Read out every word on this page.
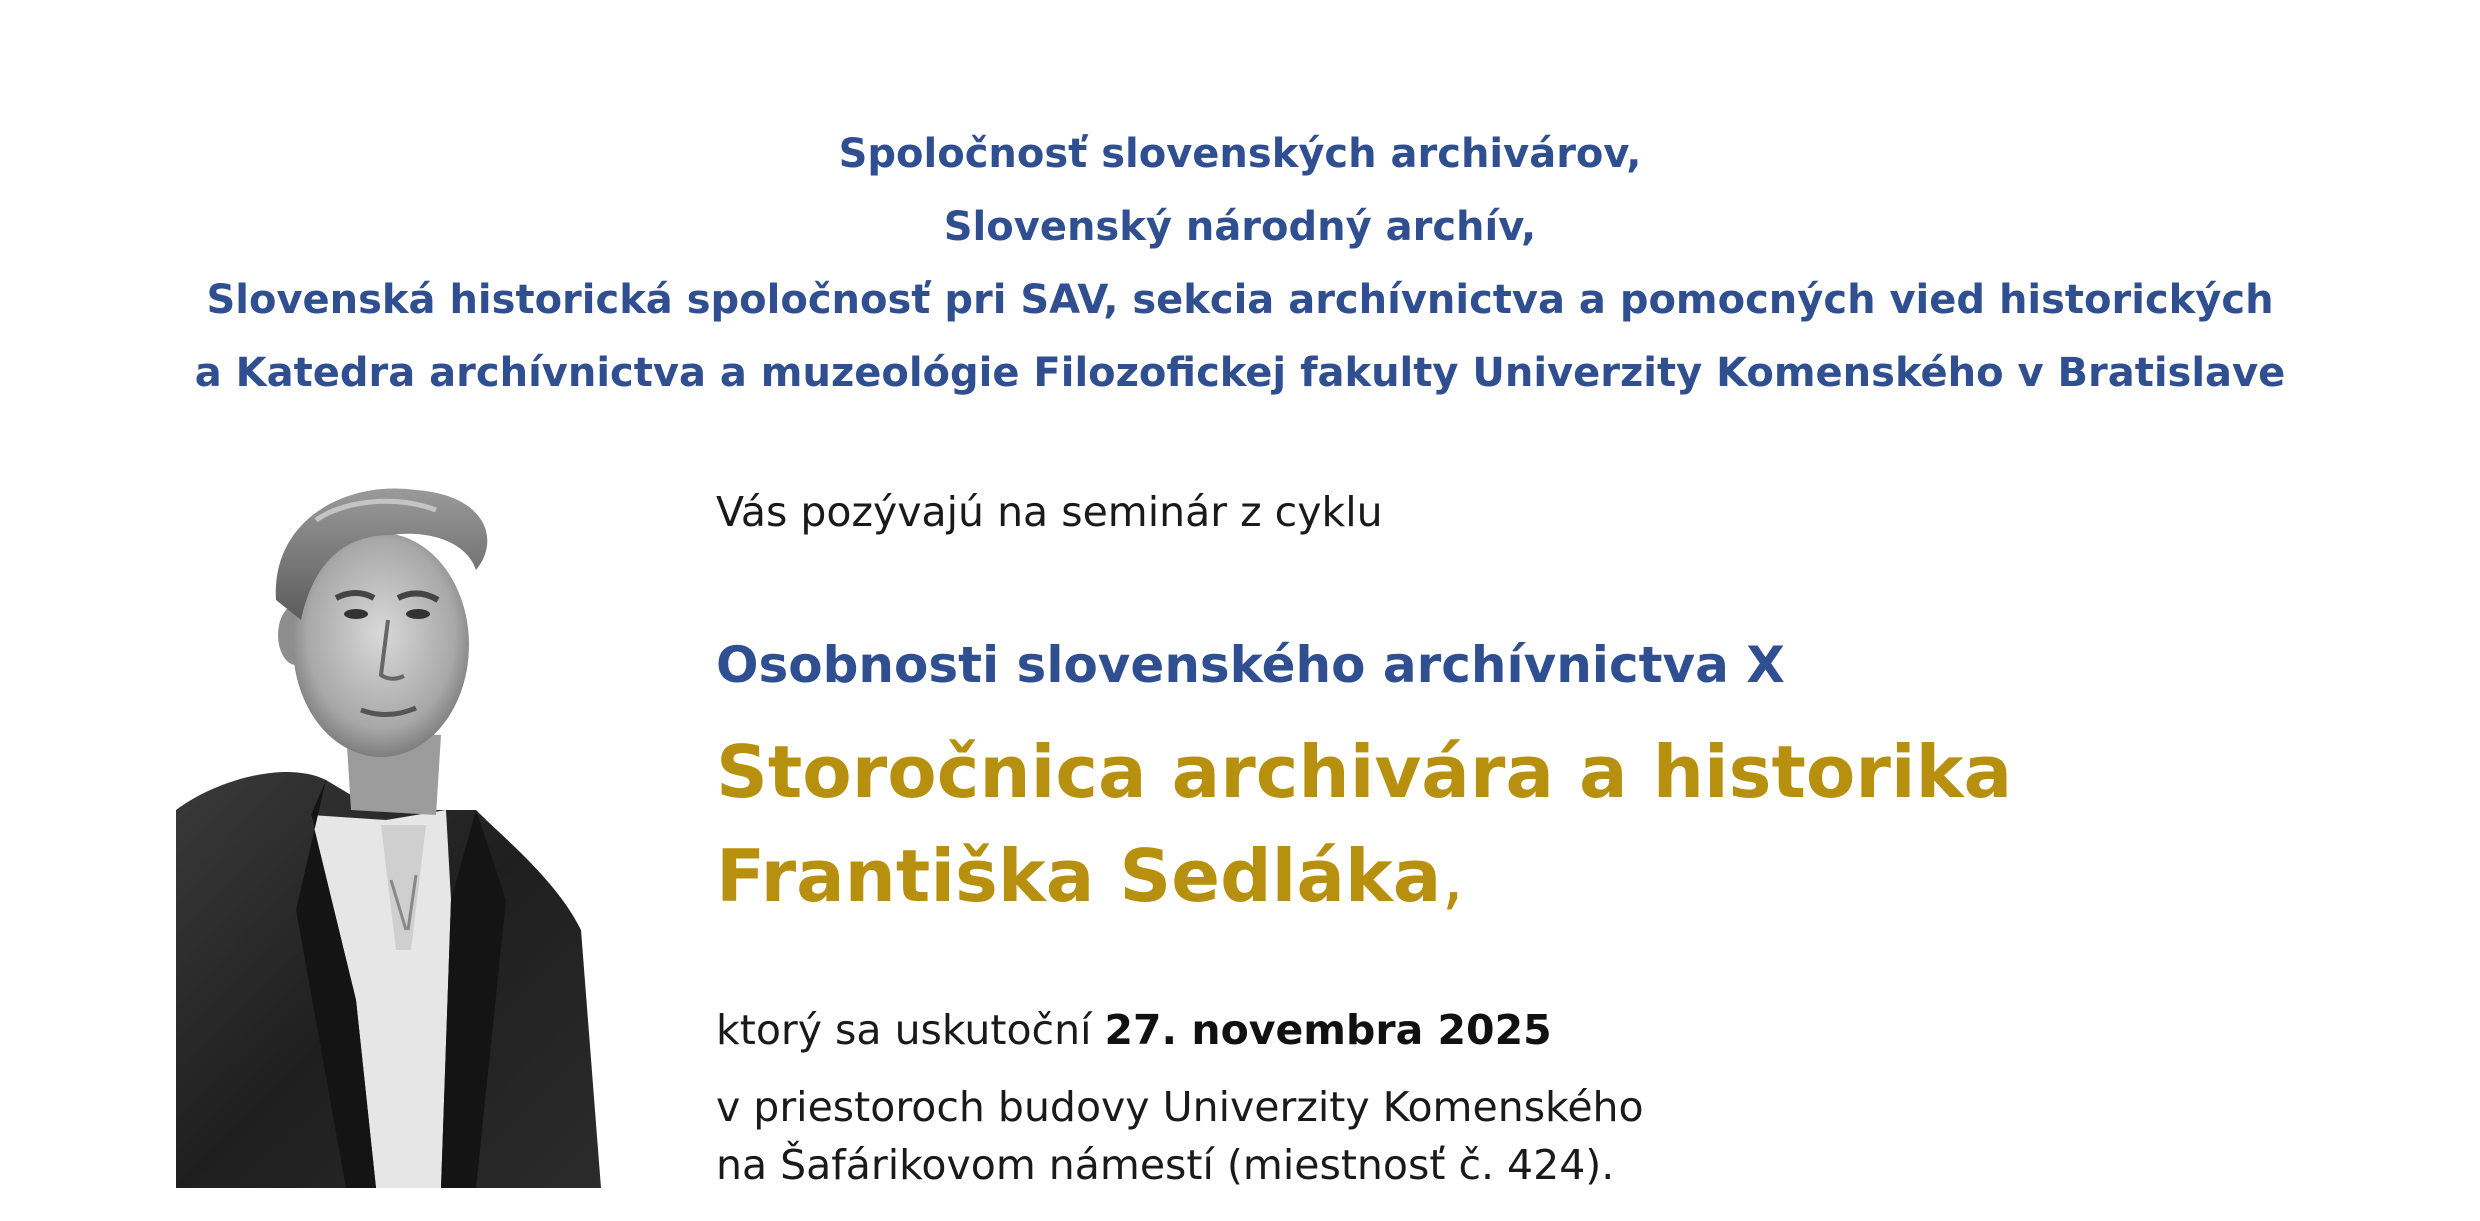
Spoločnosť slovenských archivárov,
Slovenský národný archív,
Slovenská historická spoločnosť pri SAV, sekcia archívnictva a pomocných vied historických
a Katedra archívnictva a muzeológie Filozofickej fakulty Univerzity Komenského v Bratislave
Vás pozývajú na seminár z cyklu
Osobnosti slovenského archívnictva X
Storočnica archivára a historika
Františka Sedláka,
ktorý sa uskutoční 27. novembra 2025
v priestoroch budovy Univerzity Komenského
na Šafárikovom námestí (miestnosť č. 424).
